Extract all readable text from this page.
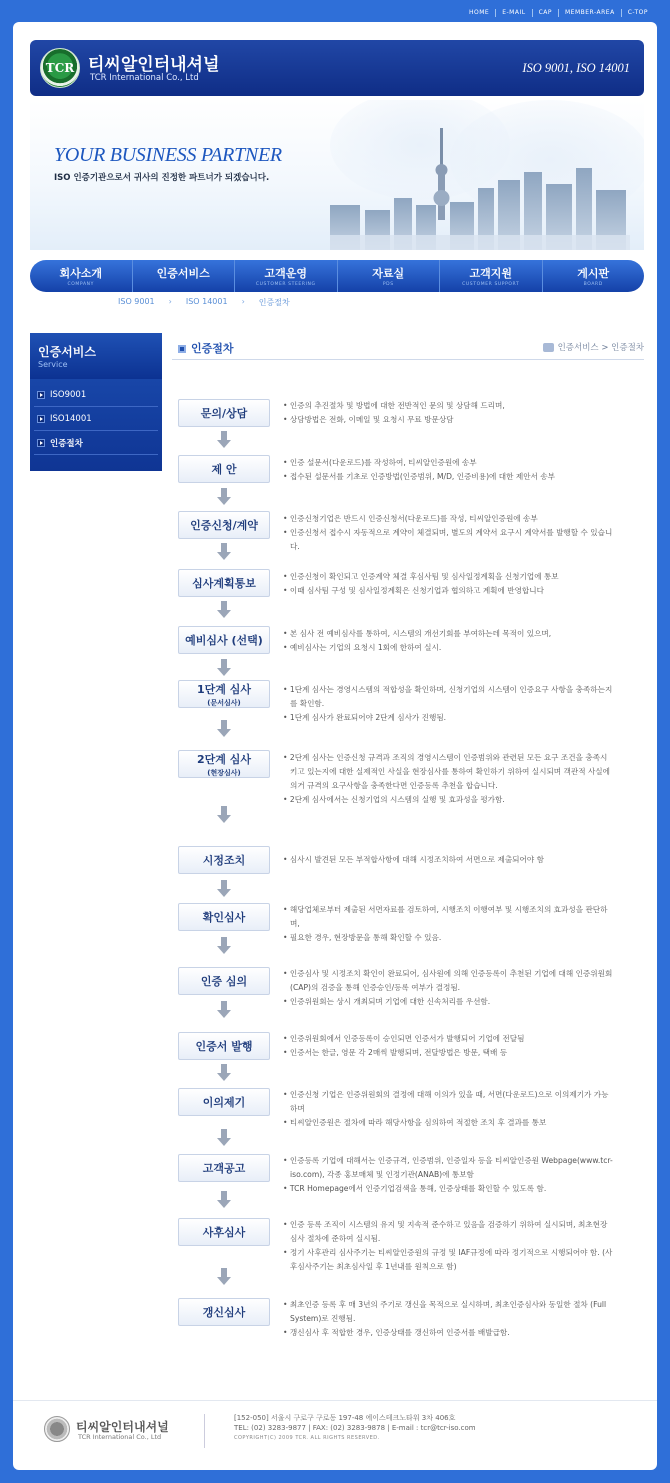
HOME	E-MAIL	CAP	MEMBER-AREA	C-TOP
TCR 티씨알인터내셔널
TCR International Co., Ltd
ISO 9001, ISO 14001
YOUR BUSINESS PARTNER
ISO 인증기관으로서 귀사의 진정한 파트너가 되겠습니다.
회사소개
COMPANY
인증서비스	고객운영
CUSTOMER STEERING
자료실
PDS
고객지원
CUSTOMER SUPPORT
게시판
BOARD
ISO 9001 › ISO 14001 › 인증절차
인증서비스
Service
ISO9001
ISO14001
인증절차
인증절차	인증서비스 > 인증절차
문의/상담

• 인증의 추진절차 및 방법에 대한 전반적인 문의 및 상담해 드리며,

• 상담방법은 전화, 이메일 및 요청시 무료 방문상담

제 안

• 인증 설문서(다운로드)를 작성하여, 티씨알인증원에 송부

• 접수된 설문서를 기초로 인증방법(인증범위, M/D, 인증비용)에 대한 제안서 송부

인증신청/계약

• 인증신청기업은 반드시 인증신청서(다운로드)를 작성, 티씨알인증원에 송부

• 인증신청서 접수시 자동적으로 계약이 체결되며, 별도의 계약서 요구시 계약서를 발행할 수 있습니다.

심사계획통보

• 인증신청이 확인되고 인증계약 체결 후심사팀 및 심사일정계획을 신청기업에 통보

• 이때 심사팀 구성 및 심사일정계획은 신청기업과 협의하고 계획에 반영합니다

예비심사 (선택)

• 본 심사 전 예비심사를 통하여, 시스템의 개선기회를 부여하는데 목적이 있으며,

• 예비심사는 기업의 요청시 1회에 한하여 실시.

1단계 심사
(문서심사)

• 1단계 심사는 경영시스템의 적합성을 확인하며, 신청기업의 시스템이 인증요구 사항을 충족하는지를 확인함.

• 1단계 심사가 완료되어야 2단계 심사가 진행됨.

2단계 심사
(현장심사)

• 2단계 심사는 인증신청 규격과 조직의 경영시스템이 인증범위와 관련된 모든 요구 조건을 충족시키고 있는지에 대한 실제적인 사실을 현장심사를 통하여 확인하기 위하여 실시되며 객관적 사실에 의거 규격의 요구사항을 충족한다면 인증등록 추천을 합습니다.

• 2단계 심사에서는 신청기업의 시스템의 실행 및 효과성을 평가함.

시정조치	• 심사시 발견된 모든 부적합사항에 대해 시정조치하여 서면으로 제출되어야 함

확인심사

• 해당업체로부터 제출된 서면자료를 검토하여, 시행조치 이행여부 및 시행조치의 효과성을 판단하며,

• 필요한 경우, 현장방문을 통해 확인할 수 있음.

인증 심의

• 인증심사 및 시정조치 확인이 완료되어, 심사원에 의해 인증등록이 추천된 기업에 대해 인증위원회(CAP)의 검증을 통해 인증승인/등록 여부가 결정됨.

• 인증위원회는 상시 개최되며 기업에 대한 신속처리를 우선함.

인증서 발행

• 인증위원회에서 인증등록이 승인되면 인증서가 발행되어 기업에 전달됨

• 인증서는 한글, 영문 각 2매씩 발행되며, 전달방법은 방문, 택배 등

이의제기

• 인증신청 기업은 인증위원회의 결정에 대해 이의가 있을 때, 서면(다운로드)으로 이의제기가 가능하며

• 티씨알인증원은 절차에 따라 해당사항을 심의하여 적절한 조치 후 결과를 통보

고객공고

• 인증등록 기업에 대해서는 인증규격, 인증범위, 인증일자 등을 티씨알인증원 Webpage(www.tcr-iso.com), 각종 홍보매체 및 인정기관(ANAB)에 통보함

• TCR Homepage에서 인증기업검색을 통해, 인증상태를 확인할 수 있도록 함.

사후심사

• 인증 등록 조직이 시스템의 유지 및 지속적 준수하고 있음을 검증하기 위하여 실시되며, 최초현장심사 절차에 준하여 실시됨.

• 정기 사후관리 심사주기는 티씨알인증원의 규정 및 IAF규정에 따라 정기적으로 시행되어야 함. (사후심사주기는 최초심사일 후 1년내를 원칙으로 함)

갱신심사

• 최초인증 등록 후 매 3년의 주기로 갱신을 목적으로 실시하며, 최초인증심사와 동일한 절차 (Full System)로 진행됨.

• 갱신심사 후 적합한 경우, 인증상태를 갱신하여 인증서를 배발급함.

티씨알인터내셔널
TCR International Co., Ltd
[152-050] 서울시 구로구 구로동 197-48 에이스테크노타워 3차 406호
TEL: (02) 3283-9877 | FAX: (02) 3283-9878 | E-mail : tcr@tcr-iso.com
COPYRIGHT(C) 2009 TCR. ALL RIGHTS RESERVED.
